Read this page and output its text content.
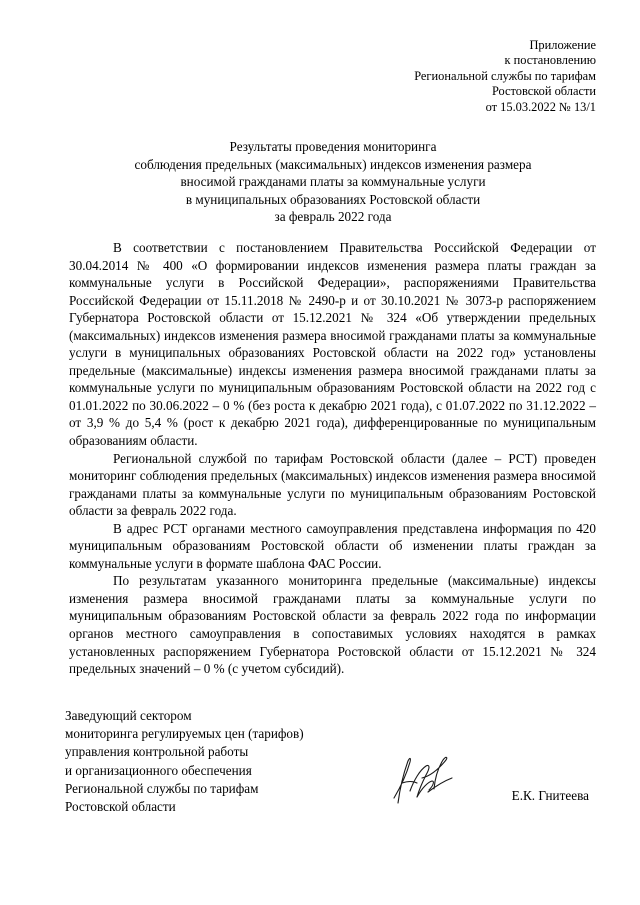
Приложение
к постановлению
Региональной службы по тарифам
Ростовской области
от 15.03.2022 № 13/1
Результаты проведения мониторинга
соблюдения предельных (максимальных) индексов изменения размера
вносимой гражданами платы за коммунальные услуги
в муниципальных образованиях Ростовской области
за февраль 2022 года

В соответствии с постановлением Правительства Российской Федерации от 30.04.2014 № 400 «О формировании индексов изменения размера платы граждан за коммунальные услуги в Российской Федерации», распоряжениями Правительства Российской Федерации от 15.11.2018 № 2490-р и от 30.10.2021 № 3073-р распоряжением Губернатора Ростовской области от 15.12.2021 № 324 «Об утверждении предельных (максимальных) индексов изменения размера вносимой гражданами платы за коммунальные услуги в муниципальных образованиях Ростовской области на 2022 год» установлены предельные (максимальные) индексы изменения размера вносимой гражданами платы за коммунальные услуги по муниципальным образованиям Ростовской области на 2022 год с 01.01.2022 по 30.06.2022 – 0 % (без роста к декабрю 2021 года), с 01.07.2022 по 31.12.2022 – от 3,9 % до 5,4 % (рост к декабрю 2021 года), дифференцированные по муниципальным образованиям области.

Региональной службой по тарифам Ростовской области (далее – РСТ) проведен мониторинг соблюдения предельных (максимальных) индексов изменения размера вносимой гражданами платы за коммунальные услуги по муниципальным образованиям Ростовской области за февраль 2022 года.

В адрес РСТ органами местного самоуправления представлена информация по 420 муниципальным образованиям Ростовской области об изменении платы граждан за коммунальные услуги в формате шаблона ФАС России.

По результатам указанного мониторинга предельные (максимальные) индексы изменения размера вносимой гражданами платы за коммунальные услуги по муниципальным образованиям Ростовской области за февраль 2022 года по информации органов местного самоуправления в сопоставимых условиях находятся в рамках установленных распоряжением Губернатора Ростовской области от 15.12.2021 № 324 предельных значений – 0 % (с учетом субсидий).

Заведующий сектором
мониторинга регулируемых цен (тарифов)
управления контрольной работы
и организационного обеспечения
Региональной службы по тарифам
Ростовской области
Е.К. Гнитеева
